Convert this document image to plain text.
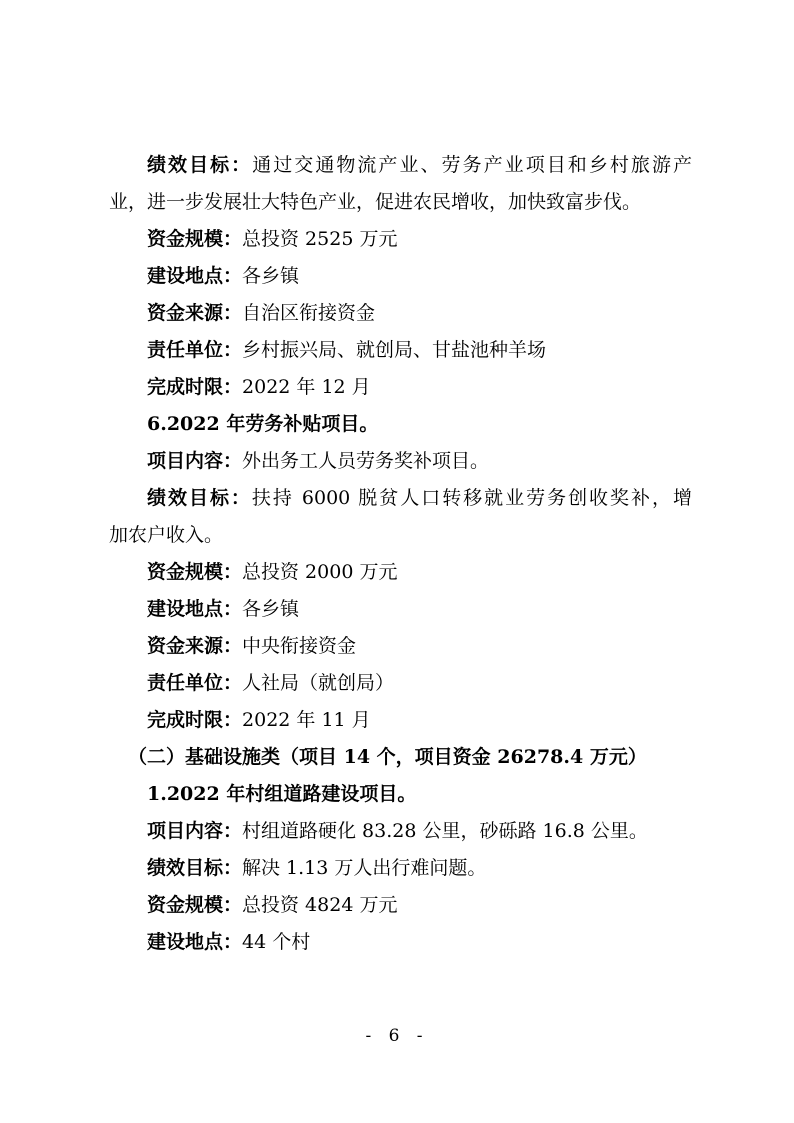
绩效目标：通过交通物流产业、劳务产业项目和乡村旅游产
业，进一步发展壮大特色产业，促进农民增收，加快致富步伐。
资金规模：总投资 2525 万元
建设地点：各乡镇
资金来源：自治区衔接资金
责任单位：乡村振兴局、就创局、甘盐池种羊场
完成时限：2022 年 12 月
6.2022 年劳务补贴项目。
项目内容：外出务工人员劳务奖补项目。
绩效目标：扶持 6000 脱贫人口转移就业劳务创收奖补，增
加农户收入。
资金规模：总投资 2000 万元
建设地点：各乡镇
资金来源：中央衔接资金
责任单位：人社局（就创局）
完成时限：2022 年 11 月
（二）基础设施类（项目 14 个，项目资金 26278.4 万元）
1.2022 年村组道路建设项目。
项目内容：村组道路硬化 83.28 公里，砂砾路 16.8 公里。
绩效目标：解决 1.13 万人出行难问题。
资金规模：总投资 4824 万元
建设地点：44 个村
- 6 -
